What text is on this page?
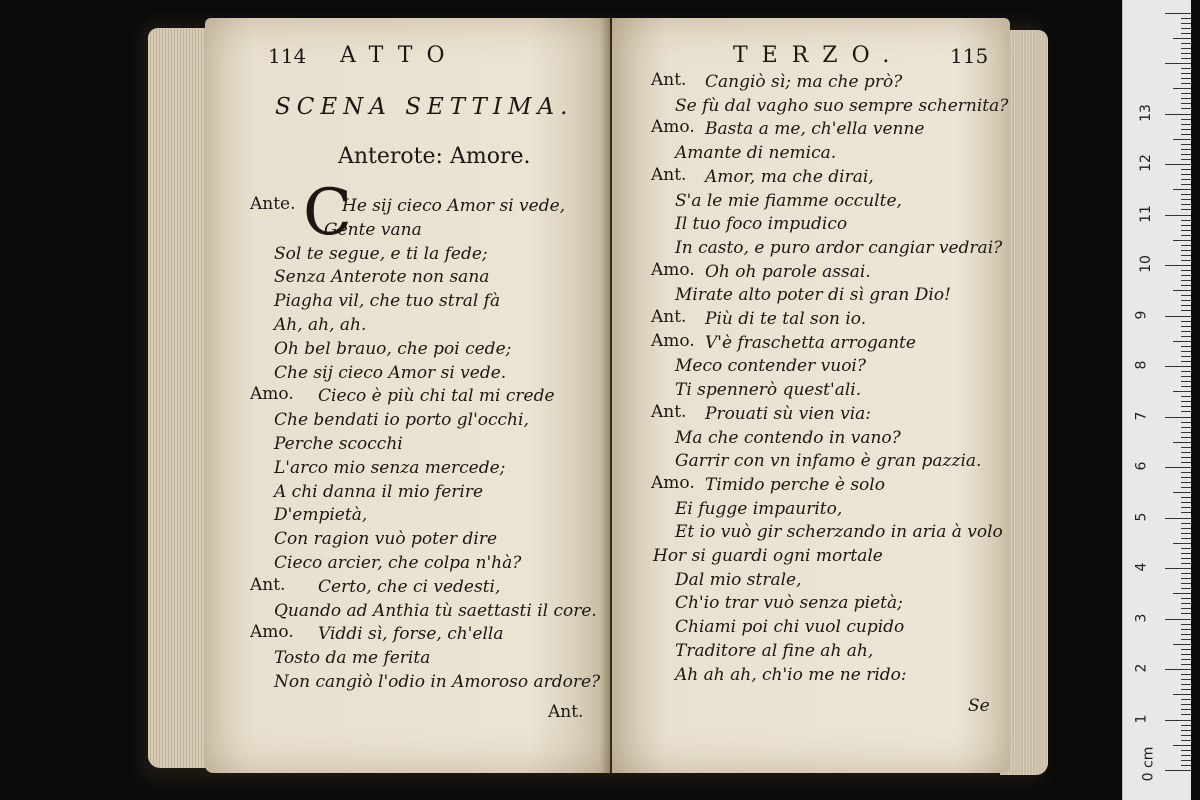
114 ATTO
SCENA SETTIMA.
Anterote: Amore.
C
Ante.	He sij cieco Amor si vede,
Gente vana
Sol te segue, e ti la fede;
Senza Anterote non sana
Piagha vil, che tuo stral fà
Ah, ah, ah.
Oh bel brauo, che poi cede;
Che sij cieco Amor si vede.
Amo. Cieco è più chi tal mi crede
Che bendati io porto gl'occhi,
Perche scocchi
L'arco mio senza mercede;
A chi danna il mio ferire
D'empietà,
Con ragion vuò poter dire
Cieco arcier, che colpa n'hà?
Ant. Certo, che ci vedesti,
Quando ad Anthia tù saettasti il core.
Amo. Viddi sì, forse, ch'ella
Tosto da me ferita
Non cangiò l'odio in Amoroso ardore?
Ant.
TERZO. 115
Ant. Cangiò sì; ma che prò?
Se fù dal vagho suo sempre schernita?
Amo. Basta a me, ch'ella venne
Amante di nemica.
Ant. Amor, ma che dirai,
S'a le mie fiamme occulte,
Il tuo foco impudico
In casto, e puro ardor cangiar vedrai?
Amo. Oh oh parole assai.
Mirate alto poter di sì gran Dio!
Ant. Più di te tal son io.
Amo. V'è fraschetta arrogante
Meco contender vuoi?
Ti spennerò quest'ali.
Ant. Prouati sù vien via:
Ma che contendo in vano?
Garrir con vn infamo è gran pazzia.
Amo. Timido perche è solo
Ei fugge impaurito,
Et io vuò gir scherzando in aria à volo
Hor si guardi ogni mortale
Dal mio strale,
Ch'io trar vuò senza pietà;
Chiami poi chi vuol cupido
Traditore al fine ah ah,
Ah ah ah, ch'io me ne rido:
Se
1
2
3
4
5
6
7
8
9
10
11
12
13
0 cm
